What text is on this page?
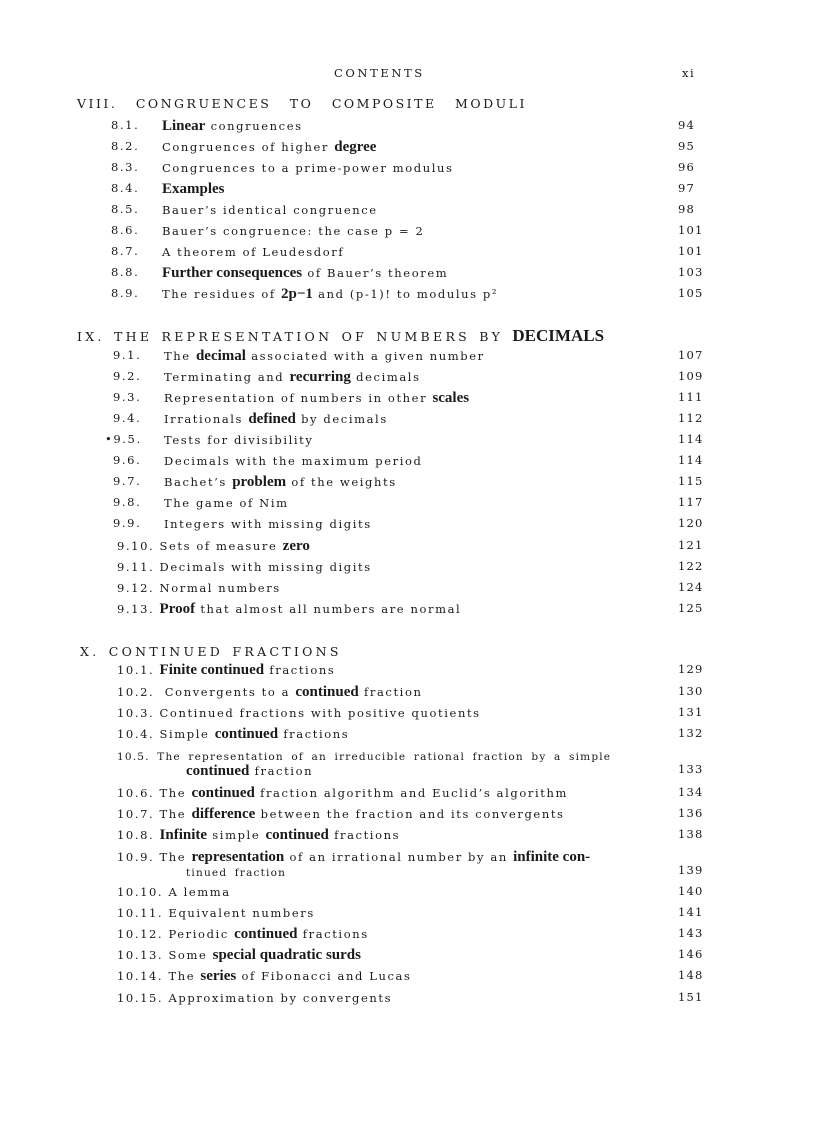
CONTENTS	xi
VIII. CONGRUENCES TO COMPOSITE MODULI
8.1. Linear congruences	94
8.2. Congruences of higher degree	95
8.3. Congruences to a prime-power modulus	96
8.4. Examples	97
8.5. Bauer’s identical congruence	98
8.6. Bauer’s congruence: the case p = 2	101
8.7. A theorem of Leudesdorf	101
8.8. Further consequences of Bauer’s theorem	103
8.9. The residues of 2p−1 and (p-1)! to modulus p²	105
IX. THE REPRESENTATION OF NUMBERS BY DECIMALS
9.1. The decimal associated with a given number	107
9.2. Terminating and recurring decimals	109
9.3. Representation of numbers in other scales	111
9.4. Irrationals defined by decimals	112
•9.5. Tests for divisibility	114
9.6. Decimals with the maximum period	114
9.7. Bachet’s problem of the weights	115
9.8. The game of Nim	117
9.9. Integers with missing digits	120
9.10. Sets of measure zero	121
9.11. Decimals with missing digits	122
9.12. Normal numbers	124
9.13. Proof that almost all numbers are normal	125
X. CONTINUED FRACTIONS
10.1. Finite continued fractions	129
10.2. Convergents to a continued fraction	130
10.3. Continued fractions with positive quotients	131
10.4. Simple continued fractions	132
10.5. The representation of an irreducible rational fraction by a simple
continued fraction	133
10.6. The continued fraction algorithm and Euclid’s algorithm	134
10.7. The difference between the fraction and its convergents	136
10.8. Infinite simple continued fractions	138
10.9. The representation of an irrational number by an infinite con-
tinued fraction	139
10.10. A lemma	140
10.11. Equivalent numbers	141
10.12. Periodic continued fractions	143
10.13. Some special quadratic surds	146
10.14. The series of Fibonacci and Lucas	148
10.15. Approximation by convergents	151
